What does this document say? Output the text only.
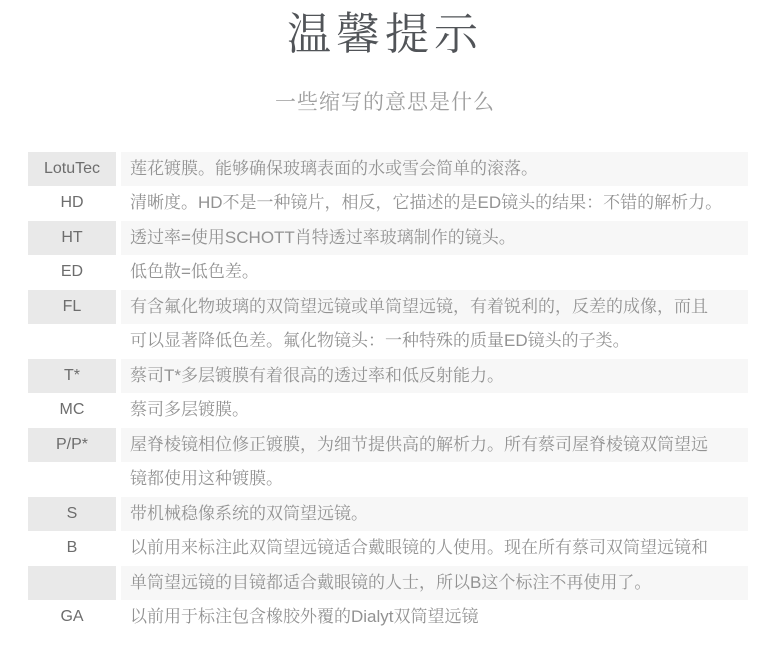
温馨提示
一些缩写的意思是什么
LotuTec	莲花镀膜。能够确保玻璃表面的水或雪会简单的滚落。
HD	清晰度。HD不是一种镜片，相反，它描述的是ED镜头的结果：不错的解析力。
HT	透过率=使用SCHOTT肖特透过率玻璃制作的镜头。
ED	低色散=低色差。
FL	有含氟化物玻璃的双筒望远镜或单筒望远镜，有着锐利的，反差的成像，而且
可以显著降低色差。氟化物镜头：一种特殊的质量ED镜头的子类。
T*	蔡司T*多层镀膜有着很高的透过率和低反射能力。
MC	蔡司多层镀膜。
P/P*	屋脊棱镜相位修正镀膜，为细节提供高的解析力。所有蔡司屋脊棱镜双筒望远
镜都使用这种镀膜。
S	带机械稳像系统的双筒望远镜。
B	以前用来标注此双筒望远镜适合戴眼镜的人使用。现在所有蔡司双筒望远镜和
单筒望远镜的目镜都适合戴眼镜的人士，所以B这个标注不再使用了。
GA	以前用于标注包含橡胶外覆的Dialyt双筒望远镜
